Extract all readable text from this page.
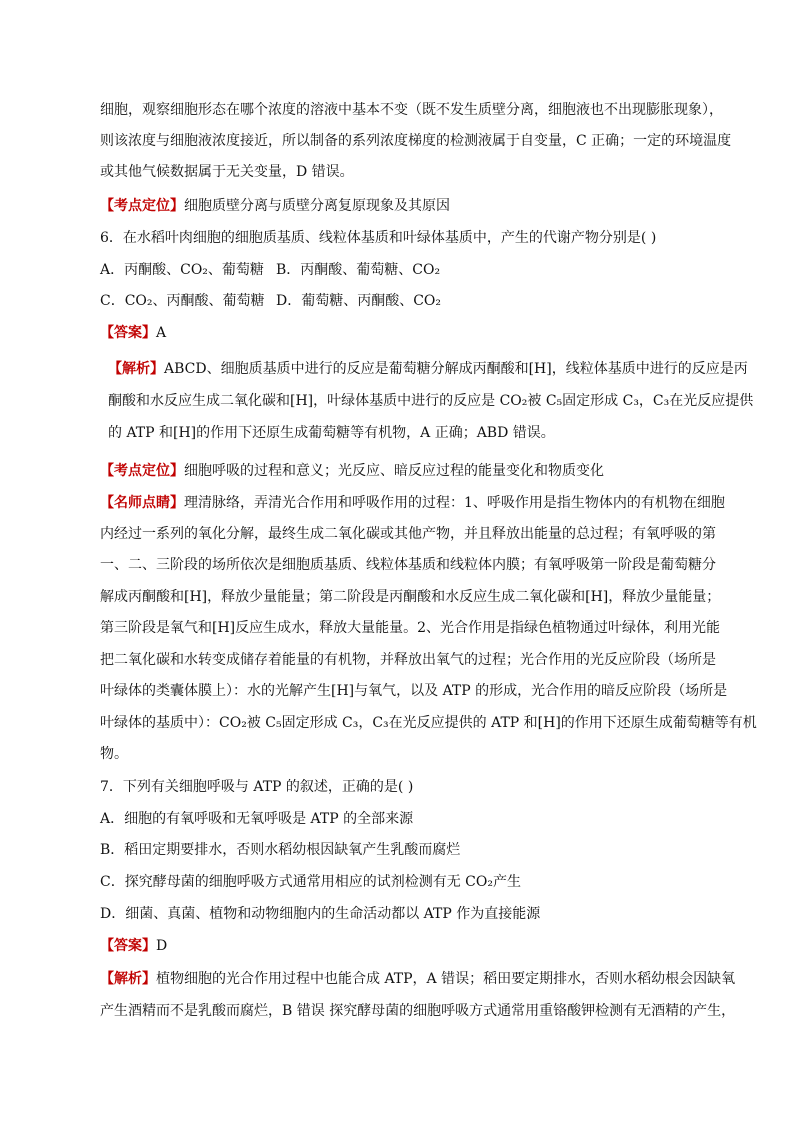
细胞，观察细胞形态在哪个浓度的溶液中基本不变（既不发生质壁分离，细胞液也不出现膨胀现象），
则该浓度与细胞液浓度接近，所以制备的系列浓度梯度的检测液属于自变量，C 正确；一定的环境温度
或其他气候数据属于无关变量，D 错误。
【考点定位】细胞质壁分离与质壁分离复原现象及其原因
6．在水稻叶肉细胞的细胞质基质、线粒体基质和叶绿体基质中，产生的代谢产物分别是( )
A．丙酮酸、CO₂、葡萄糖 B．丙酮酸、葡萄糖、CO₂
C．CO₂、丙酮酸、葡萄糖 D．葡萄糖、丙酮酸、CO₂
【答案】A
【解析】ABCD、细胞质基质中进行的反应是葡萄糖分解成丙酮酸和[H]，线粒体基质中进行的反应是丙
酮酸和水反应生成二氧化碳和[H]，叶绿体基质中进行的反应是 CO₂被 C₅固定形成 C₃，C₃在光反应提供
的 ATP 和[H]的作用下还原生成葡萄糖等有机物，A 正确；ABD 错误。
【考点定位】细胞呼吸的过程和意义；光反应、暗反应过程的能量变化和物质变化
【名师点睛】理清脉络，弄清光合作用和呼吸作用的过程：1、呼吸作用是指生物体内的有机物在细胞
内经过一系列的氧化分解，最终生成二氧化碳或其他产物，并且释放出能量的总过程；有氧呼吸的第
一、二、三阶段的场所依次是细胞质基质、线粒体基质和线粒体内膜；有氧呼吸第一阶段是葡萄糖分
解成丙酮酸和[H]，释放少量能量；第二阶段是丙酮酸和水反应生成二氧化碳和[H]，释放少量能量；
第三阶段是氧气和[H]反应生成水，释放大量能量。2、光合作用是指绿色植物通过叶绿体，利用光能
把二氧化碳和水转变成储存着能量的有机物，并释放出氧气的过程；光合作用的光反应阶段（场所是
叶绿体的类囊体膜上）：水的光解产生[H]与氧气，以及 ATP 的形成，光合作用的暗反应阶段（场所是
叶绿体的基质中）：CO₂被 C₅固定形成 C₃，C₃在光反应提供的 ATP 和[H]的作用下还原生成葡萄糖等有机
物。
7．下列有关细胞呼吸与 ATP 的叙述，正确的是( )
A．细胞的有氧呼吸和无氧呼吸是 ATP 的全部来源
B．稻田定期要排水，否则水稻幼根因缺氧产生乳酸而腐烂
C．探究酵母菌的细胞呼吸方式通常用相应的试剂检测有无 CO₂产生
D．细菌、真菌、植物和动物细胞内的生命活动都以 ATP 作为直接能源
【答案】D
【解析】植物细胞的光合作用过程中也能合成 ATP，A 错误；稻田要定期排水，否则水稻幼根会因缺氧
产生酒精而不是乳酸而腐烂，B 错误 探究酵母菌的细胞呼吸方式通常用重铬酸钾检测有无酒精的产生，
